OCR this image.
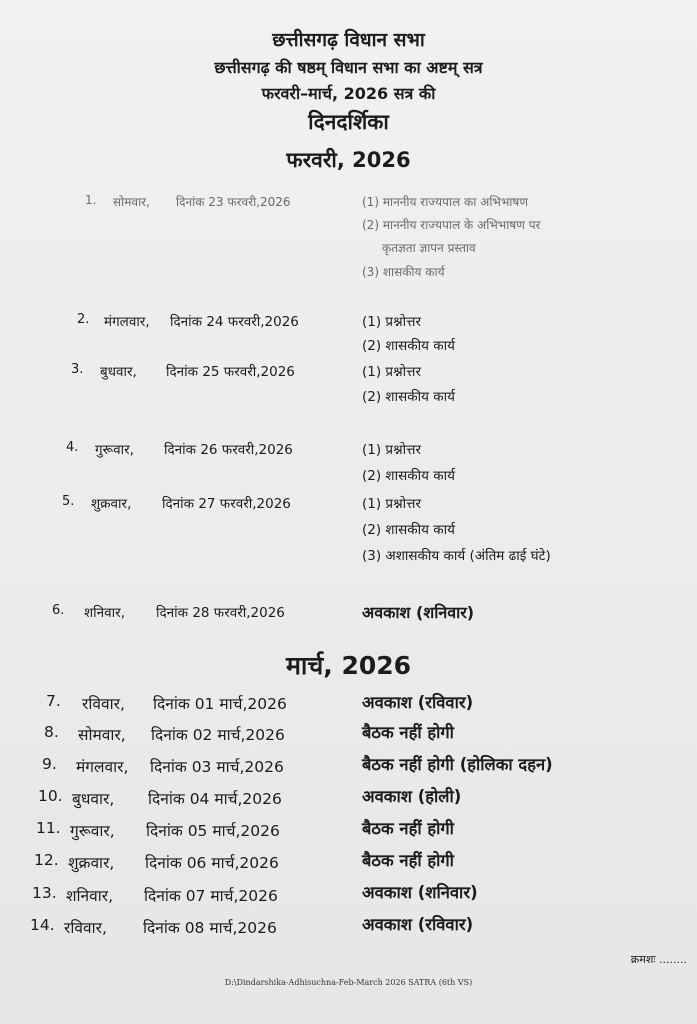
छत्तीसगढ़ विधान सभा
छत्तीसगढ़ की षष्ठम् विधान सभा का अष्टम् सत्र
फरवरी–मार्च, 2026 सत्र की
दिनदर्शिका
फरवरी, 2026
1. सोमवार, दिनांक 23 फरवरी,2026	(1) माननीय राज्यपाल का अभिभाषण
(2) माननीय राज्यपाल के अभिभाषण पर
कृतज्ञता ज्ञापन प्रस्ताव
(3) शासकीय कार्य
2. मंगलवार, दिनांक 24 फरवरी,2026	(1) प्रश्नोत्तर
(2) शासकीय कार्य
3. बुधवार, दिनांक 25 फरवरी,2026	(1) प्रश्नोत्तर
(2) शासकीय कार्य
4. गुरूवार, दिनांक 26 फरवरी,2026	(1) प्रश्नोत्तर
(2) शासकीय कार्य
5. शुक्रवार, दिनांक 27 फरवरी,2026	(1) प्रश्नोत्तर
(2) शासकीय कार्य
(3) अशासकीय कार्य (अंतिम ढाई घंटे)
6. शनिवार, दिनांक 28 फरवरी,2026	अवकाश (शनिवार)
मार्च, 2026
7. रविवार, दिनांक 01 मार्च,2026	अवकाश (रविवार)
8. सोमवार, दिनांक 02 मार्च,2026	बैठक नहीं होगी
9. मंगलवार, दिनांक 03 मार्च,2026	बैठक नहीं होगी (होलिका दहन)
10. बुधवार, दिनांक 04 मार्च,2026	अवकाश (होली)
11. गुरूवार, दिनांक 05 मार्च,2026	बैठक नहीं होगी
12. शुक्रवार, दिनांक 06 मार्च,2026	बैठक नहीं होगी
13. शनिवार, दिनांक 07 मार्च,2026	अवकाश (शनिवार)
14. रविवार, दिनांक 08 मार्च,2026	अवकाश (रविवार)
क्रमशः ........
D:\Dindarshika-Adhisuchna-Feb-March 2026 SATRA (6th VS)
